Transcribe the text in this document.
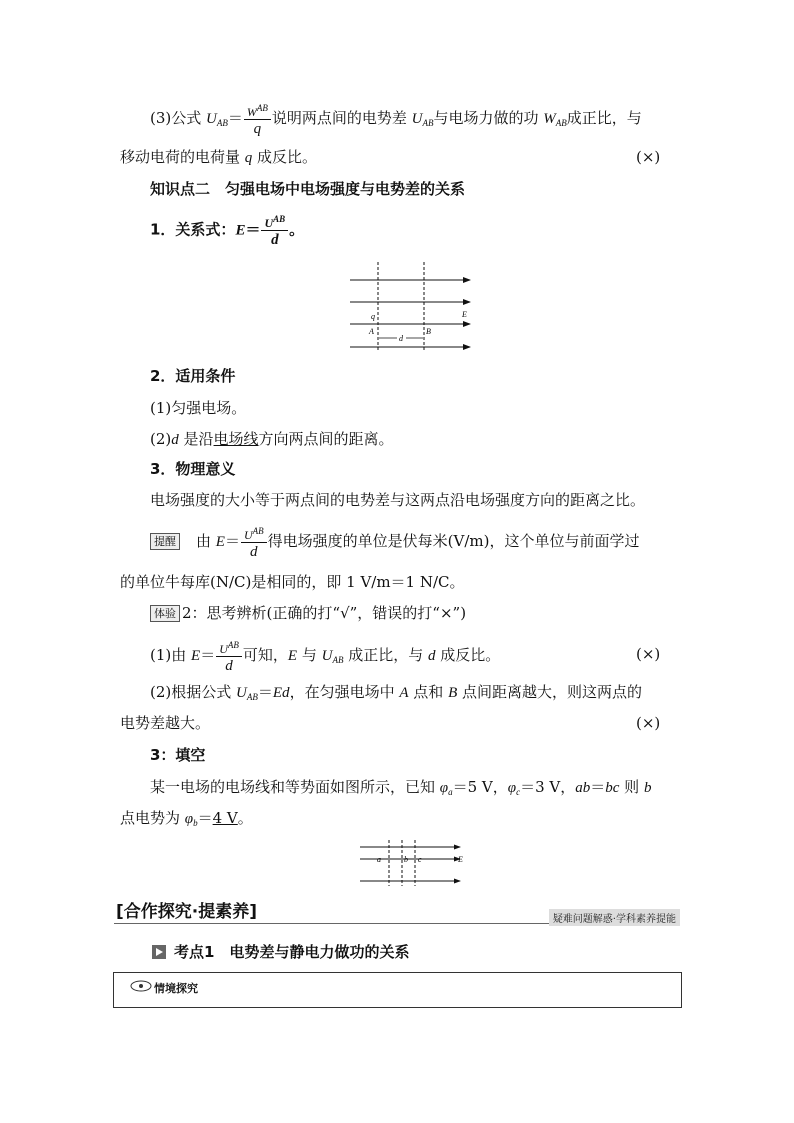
(3)公式 $U_{AB}= \frac{W^{AB}}{q}$ 说明两点间的电势差 $U_{AB}$与电场力做的功 $W_{AB}$成正比，与
移动电荷的电荷量 q 成反比。	(×)
知识点二　匀强电场中电场强度与电势差的关系
1．关系式：$E= \frac{U^{AB}}{d}$ 。
q
A	B
d
E
2．适用条件
(1)匀强电场。
(2)d 是沿电场线方向两点间的距离。
3．物理意义
电场强度的大小等于两点间的电势差与这两点沿电场强度方向的距离之比。
提醒 由 $E= \frac{U^{AB}}{d}$ 得电场强度的单位是伏每米(V/m)，这个单位与前面学过
的单位牛每库(N/C)是相同的，即 1 V/m＝1 N/C。
体验 2：思考辨析(正确的打“√”，错误的打“×”)
(1)由 $E= \frac{U^{AB}}{d}$ 可知，E 与 $U_{AB}$ 成正比，与 d 成反比。	(×)
(2)根据公式 $U_{AB}=Ed$，在匀强电场中 A 点和 B 点间距离越大，则这两点的
电势差越大。	(×)
3：填空
某一电场的电场线和等势面如图所示，已知 $\varphi_a=5$ V，$\varphi_c=3$ V，ab＝bc 则 b
点电势为 $\varphi_b=4$ V。
a	b c	E
[合作探究·提素养]	疑难问题解惑·学科素养提能
考点1　电势差与静电力做功的关系
情境探究
